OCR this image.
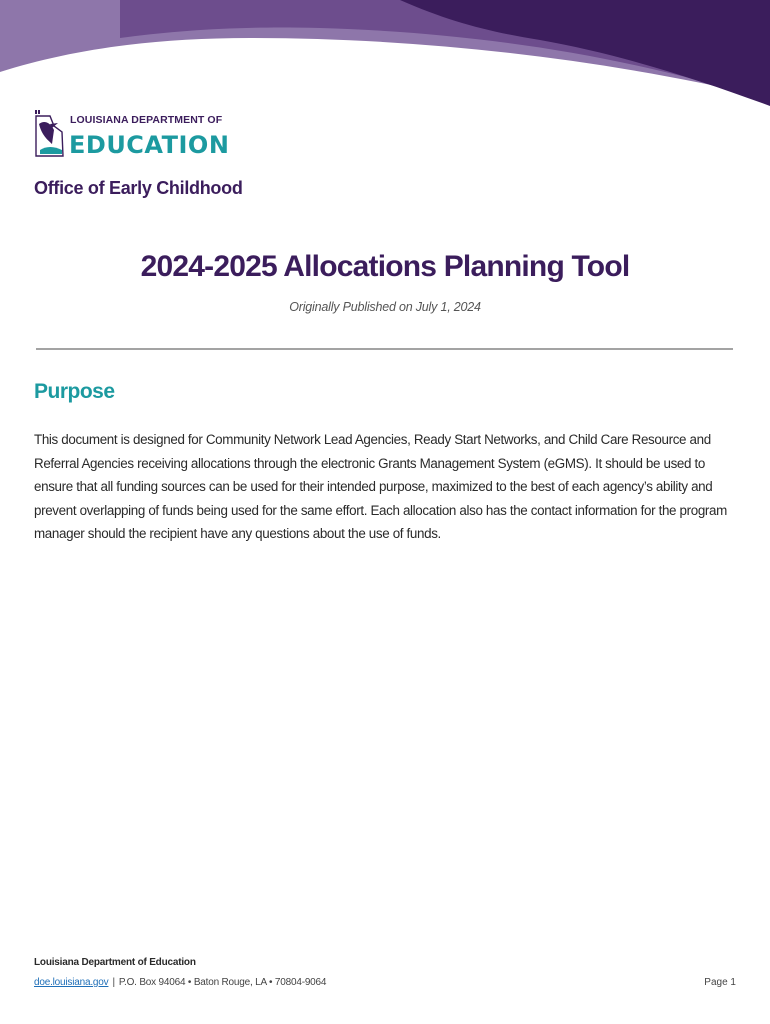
LOUISIANA DEPARTMENT OF
EDUCATION
Office of Early Childhood
2024-2025 Allocations Planning Tool
Originally Published on July 1, 2024
Purpose
This document is designed for Community Network Lead Agencies, Ready Start Networks, and Child Care Resource and Referral Agencies receiving allocations through the electronic Grants Management System (eGMS). It should be used to ensure that all funding sources can be used for their intended purpose, maximized to the best of each agency’s ability and prevent overlapping of funds being used for the same effort. Each allocation also has the contact information for the program manager should the recipient have any questions about the use of funds.
Louisiana Department of Education
doe.louisiana.gov | P.O. Box 94064 • Baton Rouge, LA • 70804-9064	Page 1
